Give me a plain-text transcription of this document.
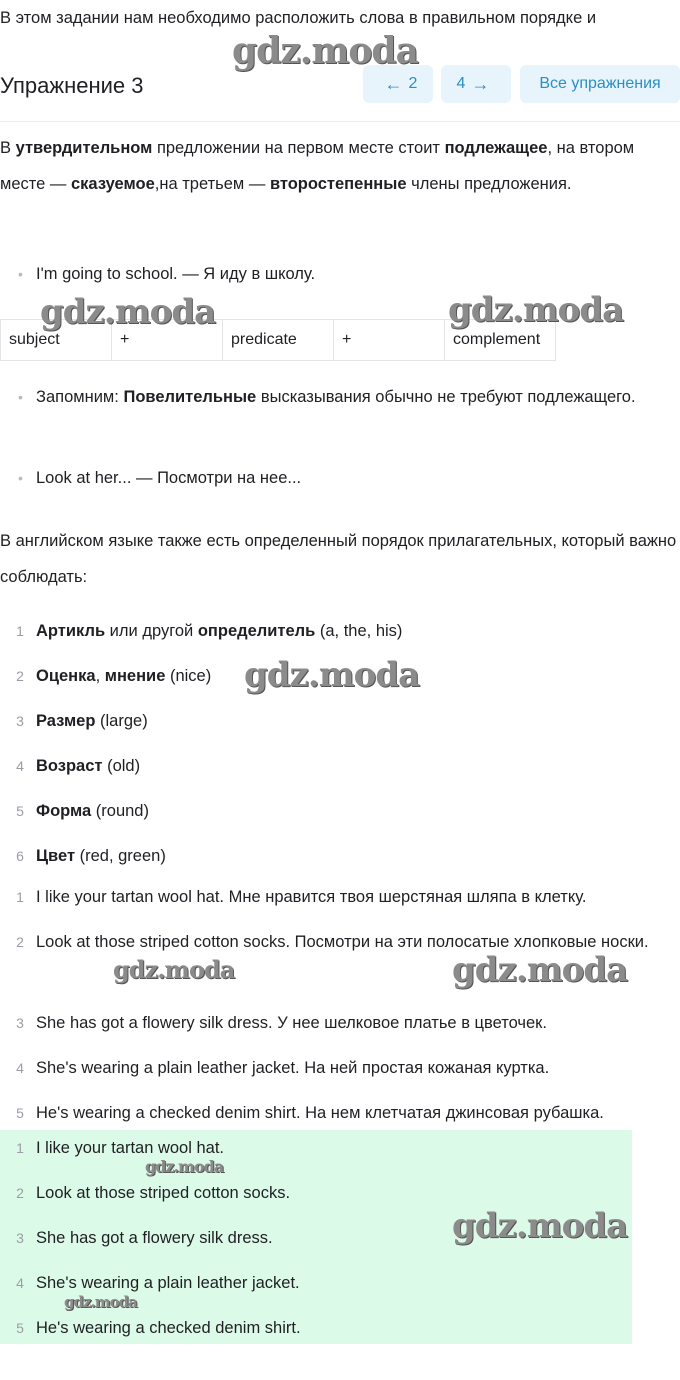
В этом задании нам необходимо расположить слова в правильном порядке и
Упражнение 3	← 2 4 →	Все упражнения
В утвердительном предложении на первом месте стоит подлежащее, на втором месте — сказуемое,на третьем — второстепенные члены предложения.
• I'm going to school. — Я иду в школу.
subject	+	predicate	+	complement
• Запомним: Повелительные высказывания обычно не требуют подлежащего.
• Look at her... — Посмотри на нее...
В английском языке также есть определенный порядок прилагательных, который важно соблюдать:
1 Артикль или другой определитель (a, the, his)
2 Оценка, мнение (nice)
3 Размер (large)
4 Возраст (old)
5 Форма (round)
6 Цвет (red, green)
1 I like your tartan wool hat. Мне нравится твоя шерстяная шляпа в клетку.
2 Look at those striped cotton socks. Посмотри на эти полосатые хлопковые носки.
3 She has got a flowery silk dress. У нее шелковое платье в цветочек.
4 She's wearing a plain leather jacket. На ней простая кожаная куртка.
5 He's wearing a checked denim shirt. На нем клетчатая джинсовая рубашка.
1 I like your tartan wool hat.
2 Look at those striped cotton socks.
3 She has got a flowery silk dress.
4 She's wearing a plain leather jacket.
5 He's wearing a checked denim shirt.
gdz.moda
gdz.moda	gdz.moda
gdz.moda
gdz.moda	gdz.moda
gdz.moda
gdz.moda
gdz.moda
